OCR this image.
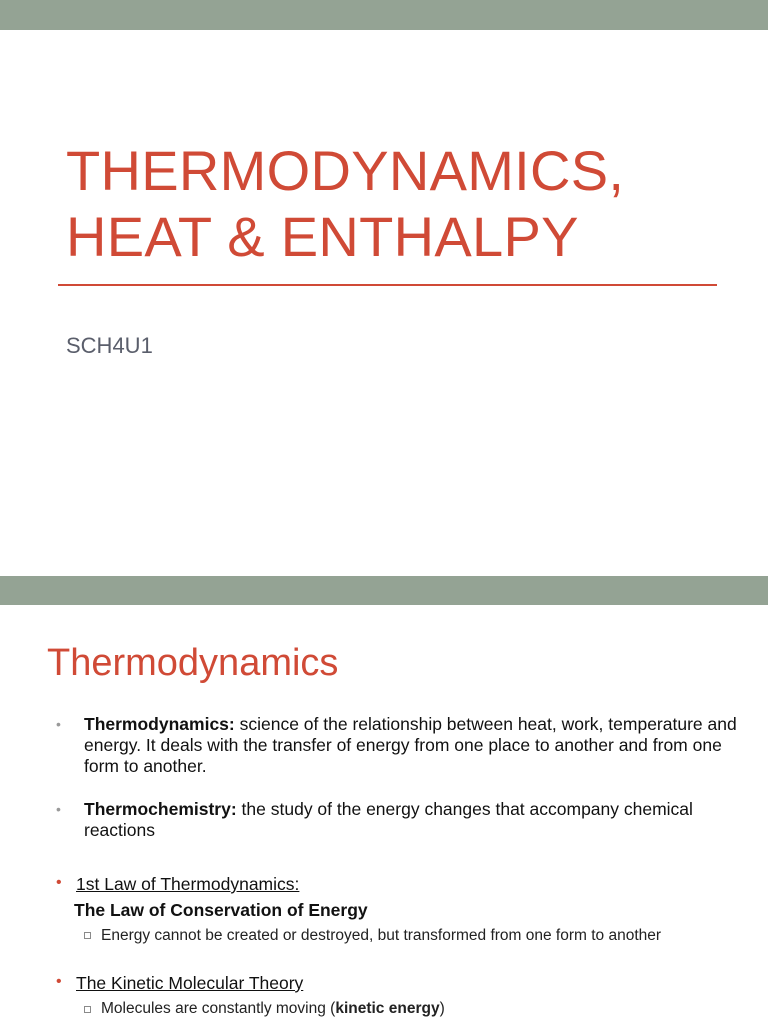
THERMODYNAMICS,
HEAT & ENTHALPY
SCH4U1
Thermodynamics
• Thermodynamics: science of the relationship between heat, work, temperature and energy. It deals with the transfer of energy from one place to another and from one form to another.
• Thermochemistry: the study of the energy changes that accompany chemical reactions
• 1st Law of Thermodynamics:
The Law of Conservation of Energy
Energy cannot be created or destroyed, but transformed from one form to another
• The Kinetic Molecular Theory
Molecules are constantly moving (kinetic energy)
